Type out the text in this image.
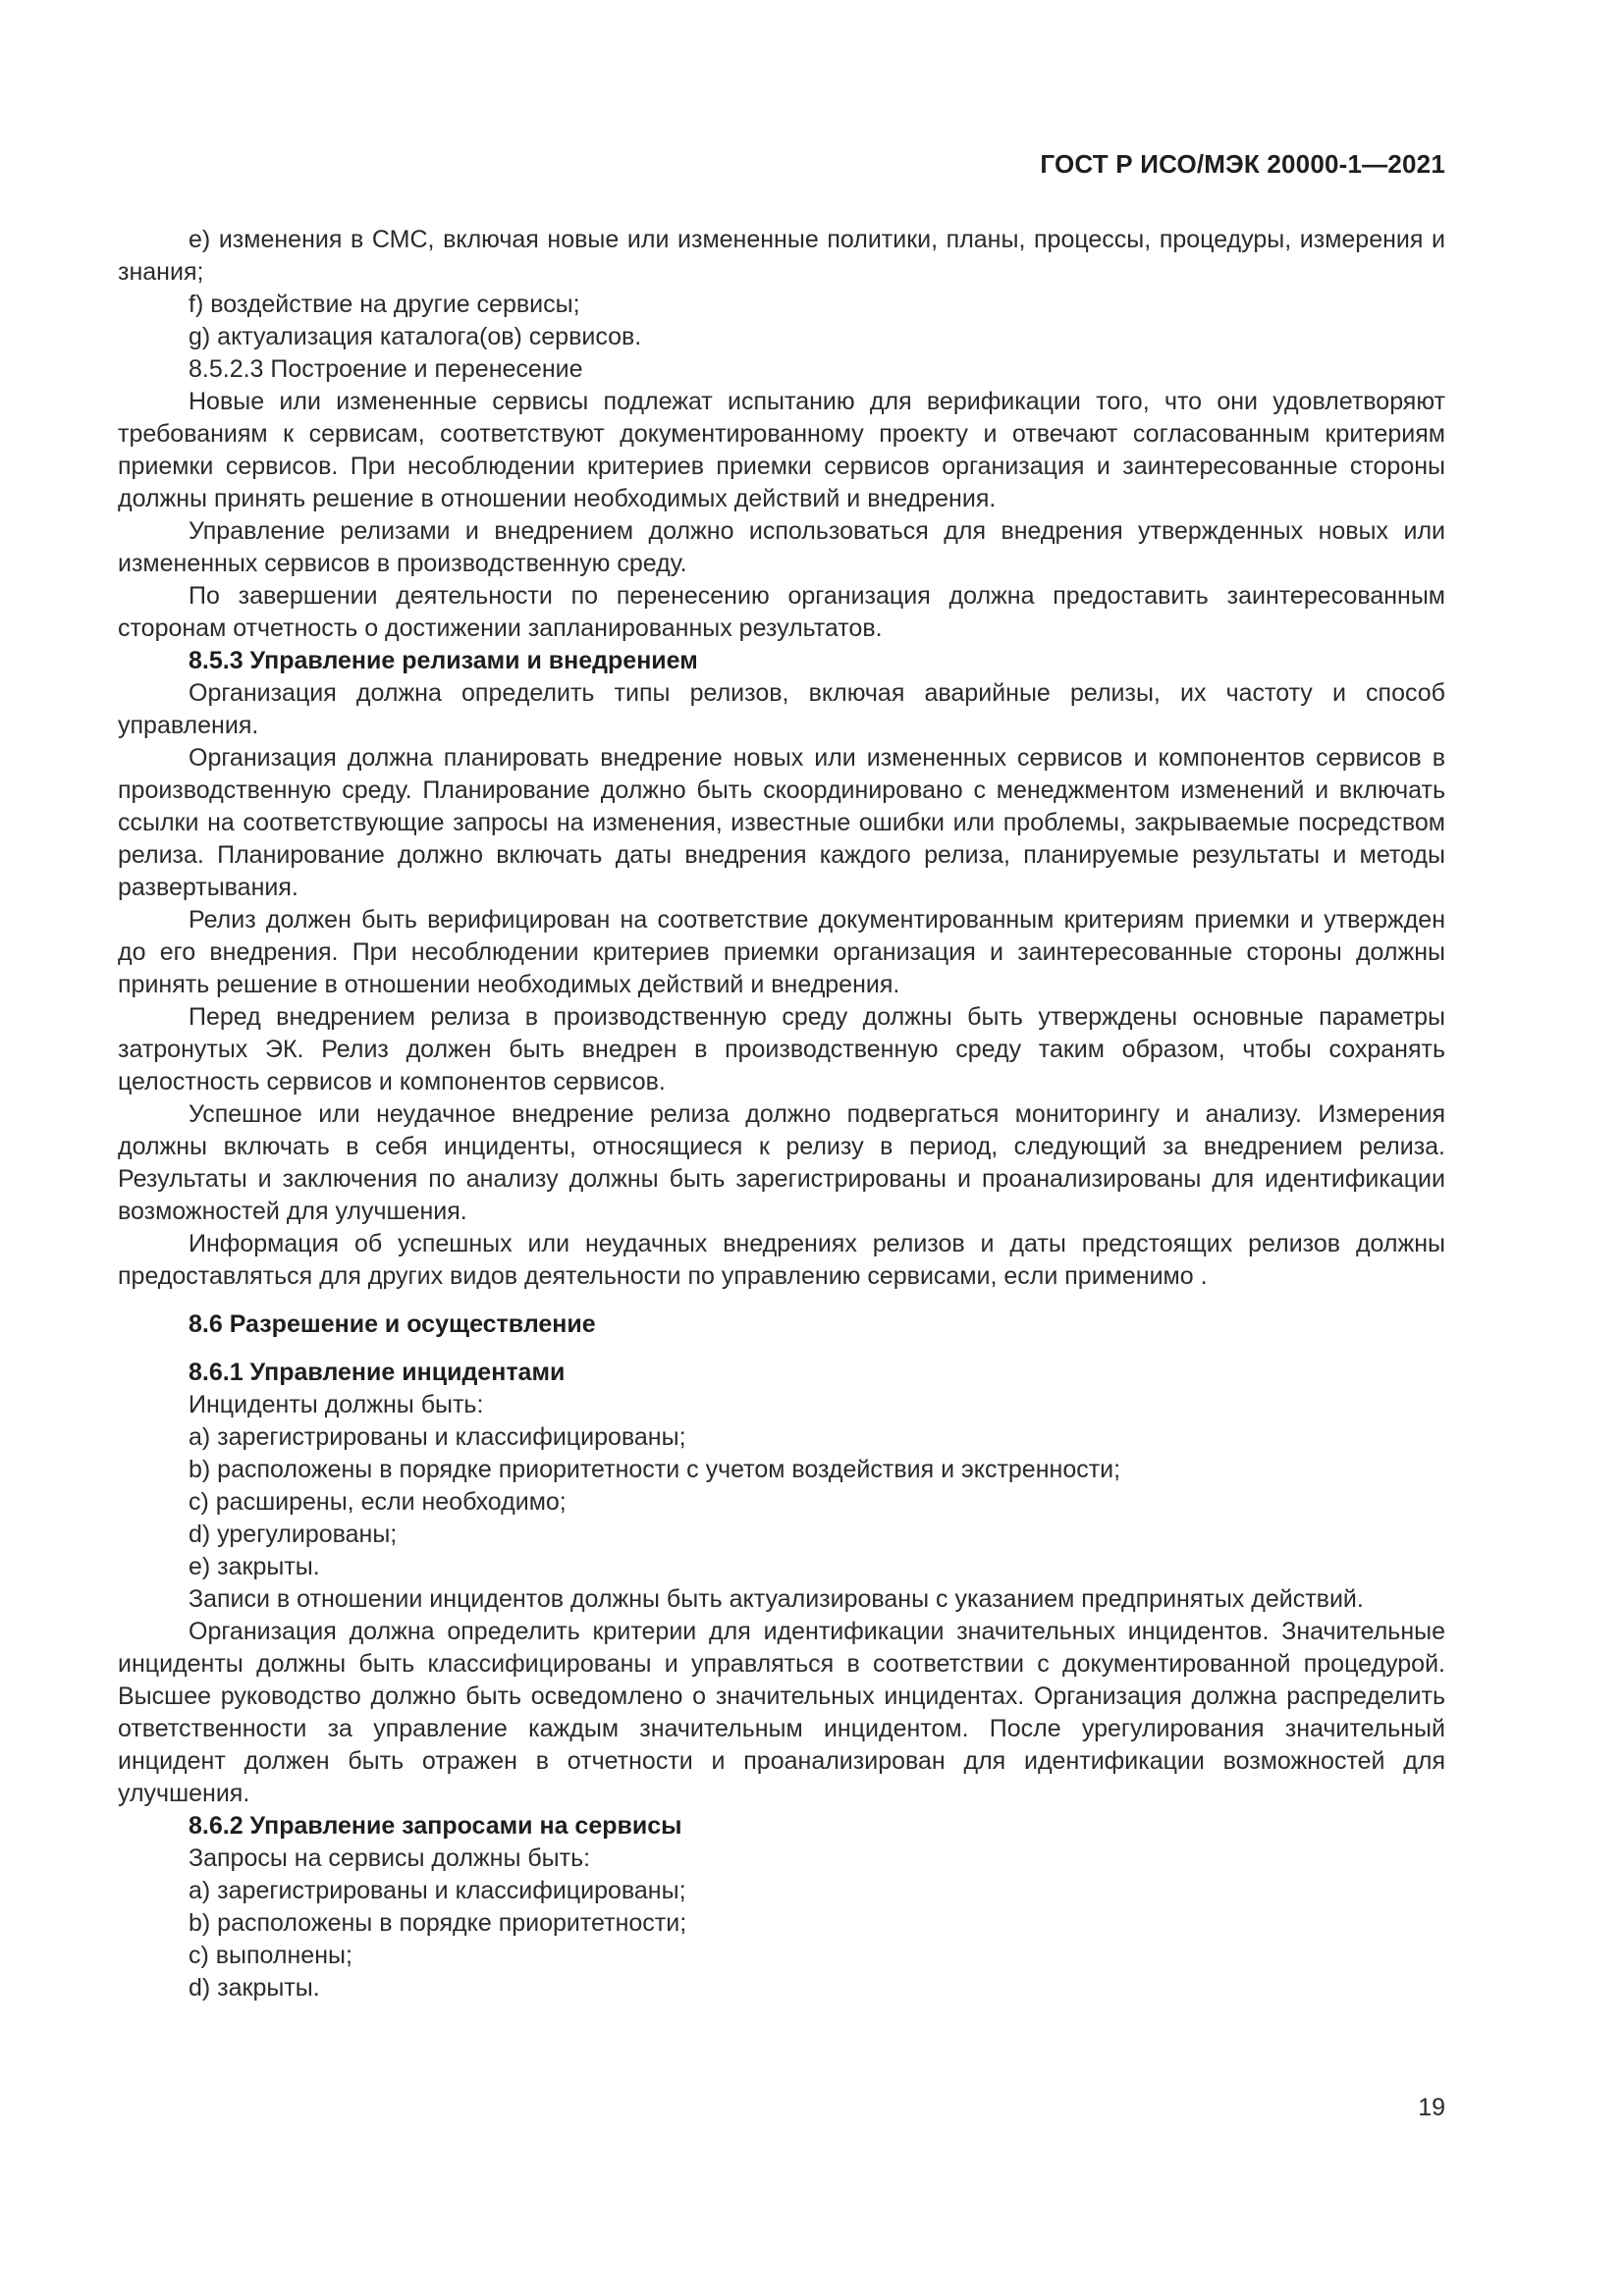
ГОСТ Р ИСО/МЭК 20000-1—2021

e) изменения в СМС, включая новые или измененные политики, планы, процессы, процедуры, измерения и знания;

f) воздействие на другие сервисы;
g) актуализация каталога(ов) сервисов.
8.5.2.3 Построение и перенесение

Новые или измененные сервисы подлежат испытанию для верификации того, что они удовлетворяют требованиям к сервисам, соответствуют документированному проекту и отвечают согласованным критериям приемки сервисов. При несоблюдении критериев приемки сервисов организация и заинтересованные стороны должны принять решение в отношении необходимых действий и внедрения.

Управление релизами и внедрением должно использоваться для внедрения утвержденных новых или измененных сервисов в производственную среду.

По завершении деятельности по перенесению организация должна предоставить заинтересованным сторонам отчетность о достижении запланированных результатов.

8.5.3 Управление релизами и внедрением

Организация должна определить типы релизов, включая аварийные релизы, их частоту и способ управления.

Организация должна планировать внедрение новых или измененных сервисов и компонентов сервисов в производственную среду. Планирование должно быть скоординировано с менеджментом изменений и включать ссылки на соответствующие запросы на изменения, известные ошибки или проблемы, закрываемые посредством релиза. Планирование должно включать даты внедрения каждого релиза, планируемые результаты и методы развертывания.

Релиз должен быть верифицирован на соответствие документированным критериям приемки и утвержден до его внедрения. При несоблюдении критериев приемки организация и заинтересованные стороны должны принять решение в отношении необходимых действий и внедрения.

Перед внедрением релиза в производственную среду должны быть утверждены основные параметры затронутых ЭК. Релиз должен быть внедрен в производственную среду таким образом, чтобы сохранять целостность сервисов и компонентов сервисов.

Успешное или неудачное внедрение релиза должно подвергаться мониторингу и анализу. Измерения должны включать в себя инциденты, относящиеся к релизу в период, следующий за внедрением релиза. Результаты и заключения по анализу должны быть зарегистрированы и проанализированы для идентификации возможностей для улучшения.

Информация об успешных или неудачных внедрениях релизов и даты предстоящих релизов должны предоставляться для других видов деятельности по управлению сервисами, если применимо .

8.6 Разрешение и осуществление
8.6.1 Управление инцидентами
Инциденты должны быть:
a) зарегистрированы и классифицированы;
b) расположены в порядке приоритетности с учетом воздействия и экстренности;
c) расширены, если необходимо;
d) урегулированы;
e) закрыты.

Записи в отношении инцидентов должны быть актуализированы с указанием предпринятых действий.

Организация должна определить критерии для идентификации значительных инцидентов. Значительные инциденты должны быть классифицированы и управляться в соответствии с документированной процедурой. Высшее руководство должно быть осведомлено о значительных инцидентах. Организация должна распределить ответственности за управление каждым значительным инцидентом. После урегулирования значительный инцидент должен быть отражен в отчетности и проанализирован для идентификации возможностей для улучшения.

8.6.2 Управление запросами на сервисы
Запросы на сервисы должны быть:
a) зарегистрированы и классифицированы;
b) расположены в порядке приоритетности;
c) выполнены;
d) закрыты.
19
